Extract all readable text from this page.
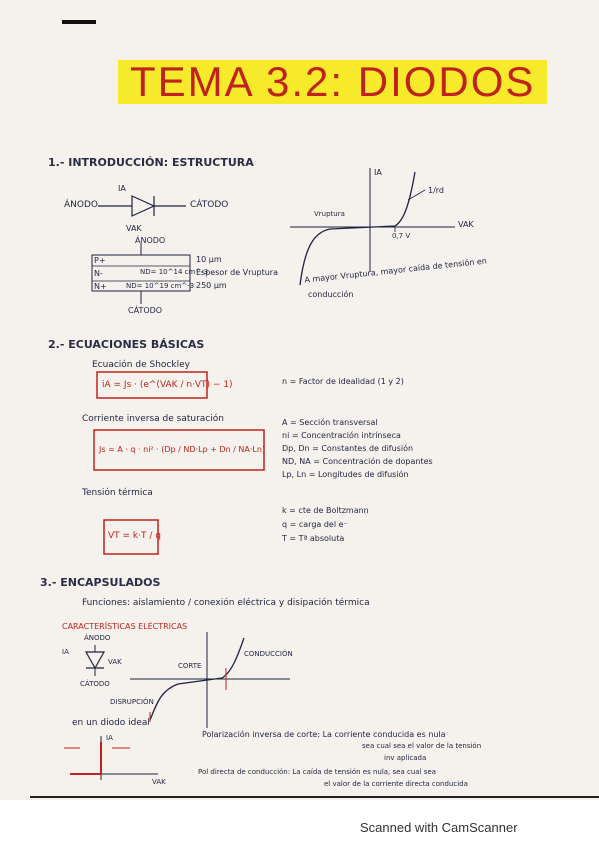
TEMA 3.2: DIODOS
1.- INTRODUCCIÓN: ESTRUCTURA
IA
ÁNODO	CÁTODO
VAK
ÁNODO
CÁTODO
P+
N-
N+
ND= 10^14 cm^-3
ND= 10^19 cm^-3
10 µm
Espesor de Vruptura
250 µm
IA
VAK
Vruptura
1/rd
0,7 V
A mayor Vruptura, mayor caída de tensión en
conducción
2.- ECUACIONES BÁSICAS
Ecuación de Shockley
iA = Js · (e^(VAK / n·VT) − 1)	n = Factor de idealidad (1 y 2)
Corriente inversa de saturación
Js = A · q · ni² · (Dp / ND·Lp + Dn / NA·Ln)
A = Sección transversal
ni = Concentración intrínseca
Dp, Dn = Constantes de difusión
ND, NA = Concentración de dopantes
Lp, Ln = Longitudes de difusión
Tensión térmica
VT = k·T / q
k = cte de Boltzmann
q = carga del e⁻
T = Tª absoluta
3.- ENCAPSULADOS
Funciones: aislamiento / conexión eléctrica y disipación térmica
CARACTERÍSTICAS ELÉCTRICAS
ÁNODO
IA
VAK
CÁTODO
CORTE
CONDUCCIÓN
DISRUPCIÓN
en un diodo ideal
IA
VAK
Polarización inversa de corte: La corriente conducida es nula
sea cual sea el valor de la tensión
inv aplicada
Pol directa de conducción: La caída de tensión es nula, sea cual sea
el valor de la corriente directa conducida
Scanned with CamScanner
